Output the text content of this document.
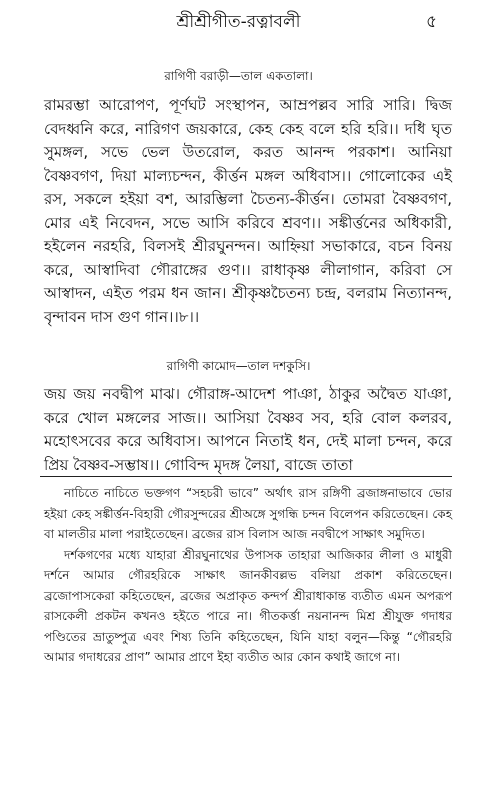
শ্রীশ্রীগীত-রত্নাবলী	৫
রাগিণী বরাড়ী—তাল একতালা।
রামরম্ভা আরোপণ, পূর্ণঘট সংস্থাপন, আম্রপল্লব সারি সারি। দ্বিজ বেদধ্বনি করে, নারিগণ জয়কারে, কেহ কেহ বলে হরি হরি।। দধি ঘৃত সুমঙ্গল, সভে ভেল উতরোল, করত আনন্দ পরকাশ। আনিয়া বৈষ্ণবগণ, দিয়া মাল্যচন্দন, কীর্ত্তন মঙ্গল অধিবাস।। গোলোকের এই রস, সকলে হইয়া বশ, আরম্ভিলা চৈতন্য-কীর্ত্তন। তোমরা বৈষ্ণবগণ, মোর এই নিবেদন, সভে আসি করিবে শ্রবণ।। সঙ্কীর্ত্তনের অধিকারী, হইলেন নরহরি, বিলসই শ্রীরঘুনন্দন। আহ্নিয়া সভাকারে, বচন বিনয় করে, আস্বাদিবা গৌরাঙ্গের গুণ।। রাধাকৃষ্ণ লীলাগান, করিবা সে আস্বাদন, এইত পরম ধন জান। শ্রীকৃষ্ণচৈতন্য চন্দ্র, বলরাম নিত্যানন্দ, বৃন্দাবন দাস গুণ গান।।৮।।
রাগিণী কামোদ—তাল দশকুসি।
জয় জয় নবদ্বীপ মাঝ। গৌরাঙ্গ-আদেশ পাঞা, ঠাকুর অদ্বৈত যাঞা, করে খোল মঙ্গলের সাজ।। আসিয়া বৈষ্ণব সব, হরি বোল কলরব, মহোৎসবের করে অধিবাস। আপনে নিতাই ধন, দেই মালা চন্দন, করে প্রিয় বৈষ্ণব-সম্ভাষ।। গোবিন্দ মৃদঙ্গ লৈয়া, বাজে তাতা

নাচিতে নাচিতে ভক্তগণ “সহচরী ভাবে” অর্থাৎ রাস রঙ্গিণী ব্রজাঙ্গনাভাবে ভোর হইয়া কেহ সঙ্কীর্ত্তন-বিহারী গৌরসুন্দরের শ্রীঅঙ্গে সুগন্ধি চন্দন বিলেপন করিতেছেন। কেহ বা মালতীর মালা পরাইতেছেন। ব্রজের রাস বিলাস আজ নবদ্বীপে সাক্ষাৎ সমুদিত।

দর্শকগণের মধ্যে যাহারা শ্রীরঘুনাথের উপাসক তাহারা আজিকার লীলা ও মাধুরী দর্শনে আমার গৌরহরিকে সাক্ষাৎ জানকীবল্লভ বলিয়া প্রকাশ করিতেছেন। ব্রজোপাসকেরা কহিতেছেন, ব্রজের অপ্রাকৃত কন্দর্প শ্রীরাধাকান্ত ব্যতীত এমন অপরূপ রাসকেলী প্রকটন কখনও হইতে পারে না। গীতকর্ত্তা নয়নানন্দ মিশ্র শ্রীযুক্ত গদাধর পণ্ডিতের ভ্রাতুষ্পুত্র এবং শিষ্য তিনি কহিতেছেন, যিনি যাহা বলুন—কিন্তু “গৌরহরি আমার গদাধরের প্রাণ” আমার প্রাণে ইহা ব্যতীত আর কোন কথাই জাগে না।
